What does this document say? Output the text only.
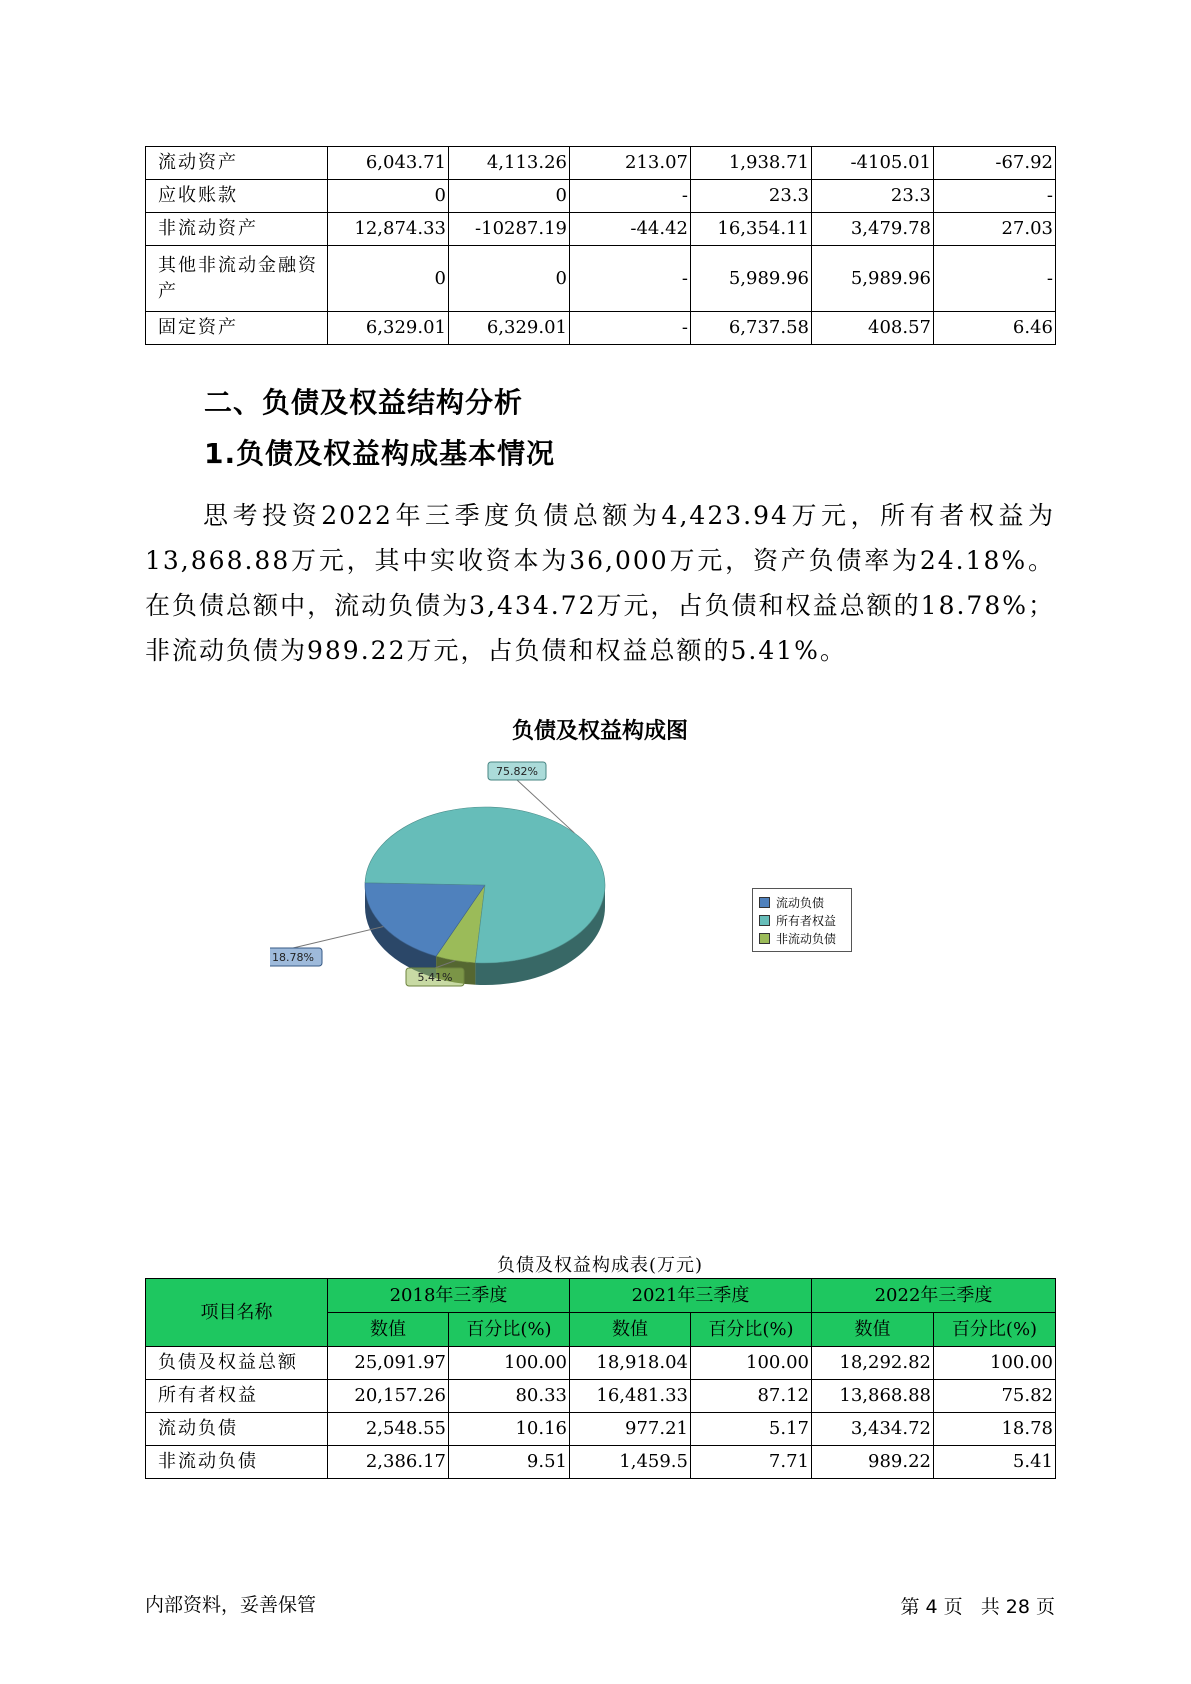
流动资产	6,043.71	4,113.26	213.07	1,938.71	-4105.01	-67.92
应收账款	0	0	-	23.3	23.3	-
非流动资产	12,874.33	-10287.19	-44.42	16,354.11	3,479.78	27.03
其他非流动金融资产	0	0	-	5,989.96	5,989.96	-
固定资产	6,329.01	6,329.01	-	6,737.58	408.57	6.46
二、负债及权益结构分析
1.负债及权益构成基本情况
思考投资2022年三季度负债总额为4,423.94万元，所有者权益为13,868.88万元，其中实收资本为36,000万元，资产负债率为24.18%。在负债总额中，流动负债为3,434.72万元，占负债和权益总额的18.78%；非流动负债为989.22万元，占负债和权益总额的5.41%。
负债及权益构成图
5.41%
18.78%
75.82%
流动负债
所有者权益
非流动负债
负债及权益构成表(万元)
项目名称	2018年三季度		2021年三季度		2022年三季度	
	数值	百分比(%)	数值	百分比(%)	数值	百分比(%)
负债及权益总额	25,091.97	100.00	18,918.04	100.00	18,292.82	100.00
所有者权益	20,157.26	80.33	16,481.33	87.12	13,868.88	75.82
流动负债	2,548.55	10.16	977.21	5.17	3,434.72	18.78
非流动负债	2,386.17	9.51	1,459.5	7.71	989.22	5.41
内部资料，妥善保管	第 4 页   共 28 页
